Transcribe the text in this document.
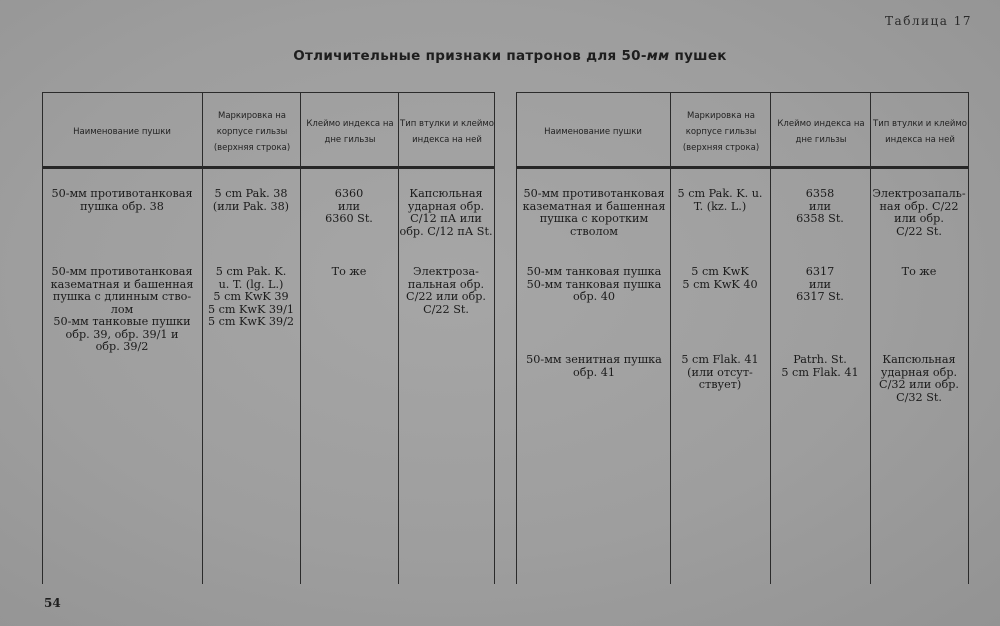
Таблица 17
Отличительные признаки патронов для 50-мм пушек
Наименование пушки
Маркировка на корпусе гильзы (верхняя строка)
Клеймо индекса на дне гильзы
Тип втулки и клеймо индекса на ней
50-мм противотанковая
пушка обр. 38
5 cm Pak. 38
(или Pak. 38)
6360
или
6360 St.
Капсюльная
ударная обр.
С/12 пА или
обр. С/12 пА St.
50-мм противотанковая
казематная и башенная
пушка с длинным ство-
лом
50-мм танковые пушки
обр. 39, обр. 39/1 и
обр. 39/2
5 cm Pak. K.
u. T. (lg. L.)
5 cm KwK 39
5 cm KwK 39/1
5 cm KwK 39/2
То же	Электроза-
пальная обр.
С/22 или обр.
С/22 St.
Наименование пушки
Маркировка на корпусе гильзы (верхняя строка)
Клеймо индекса на дне гильзы
Тип втулки и клеймо индекса на ней
50-мм противотанковая
казематная и башенная
пушка с коротким
стволом
5 cm Pak. K. u.
T. (kz. L.)
6358
или
6358 St.
Электрозапаль-
ная обр. С/22
или обр.
С/22 St.
50-мм танковая пушка
50-мм танковая пушка
обр. 40
5 cm KwK
5 cm KwK 40
6317
или
6317 St.
То же
50-мм зенитная пушка
обр. 41
5 cm Flak. 41
(или отсут-
ствует)
Patrh. St.
5 cm Flak. 41
Капсюльная
ударная обр.
С/32 или обр.
С/32 St.
54
